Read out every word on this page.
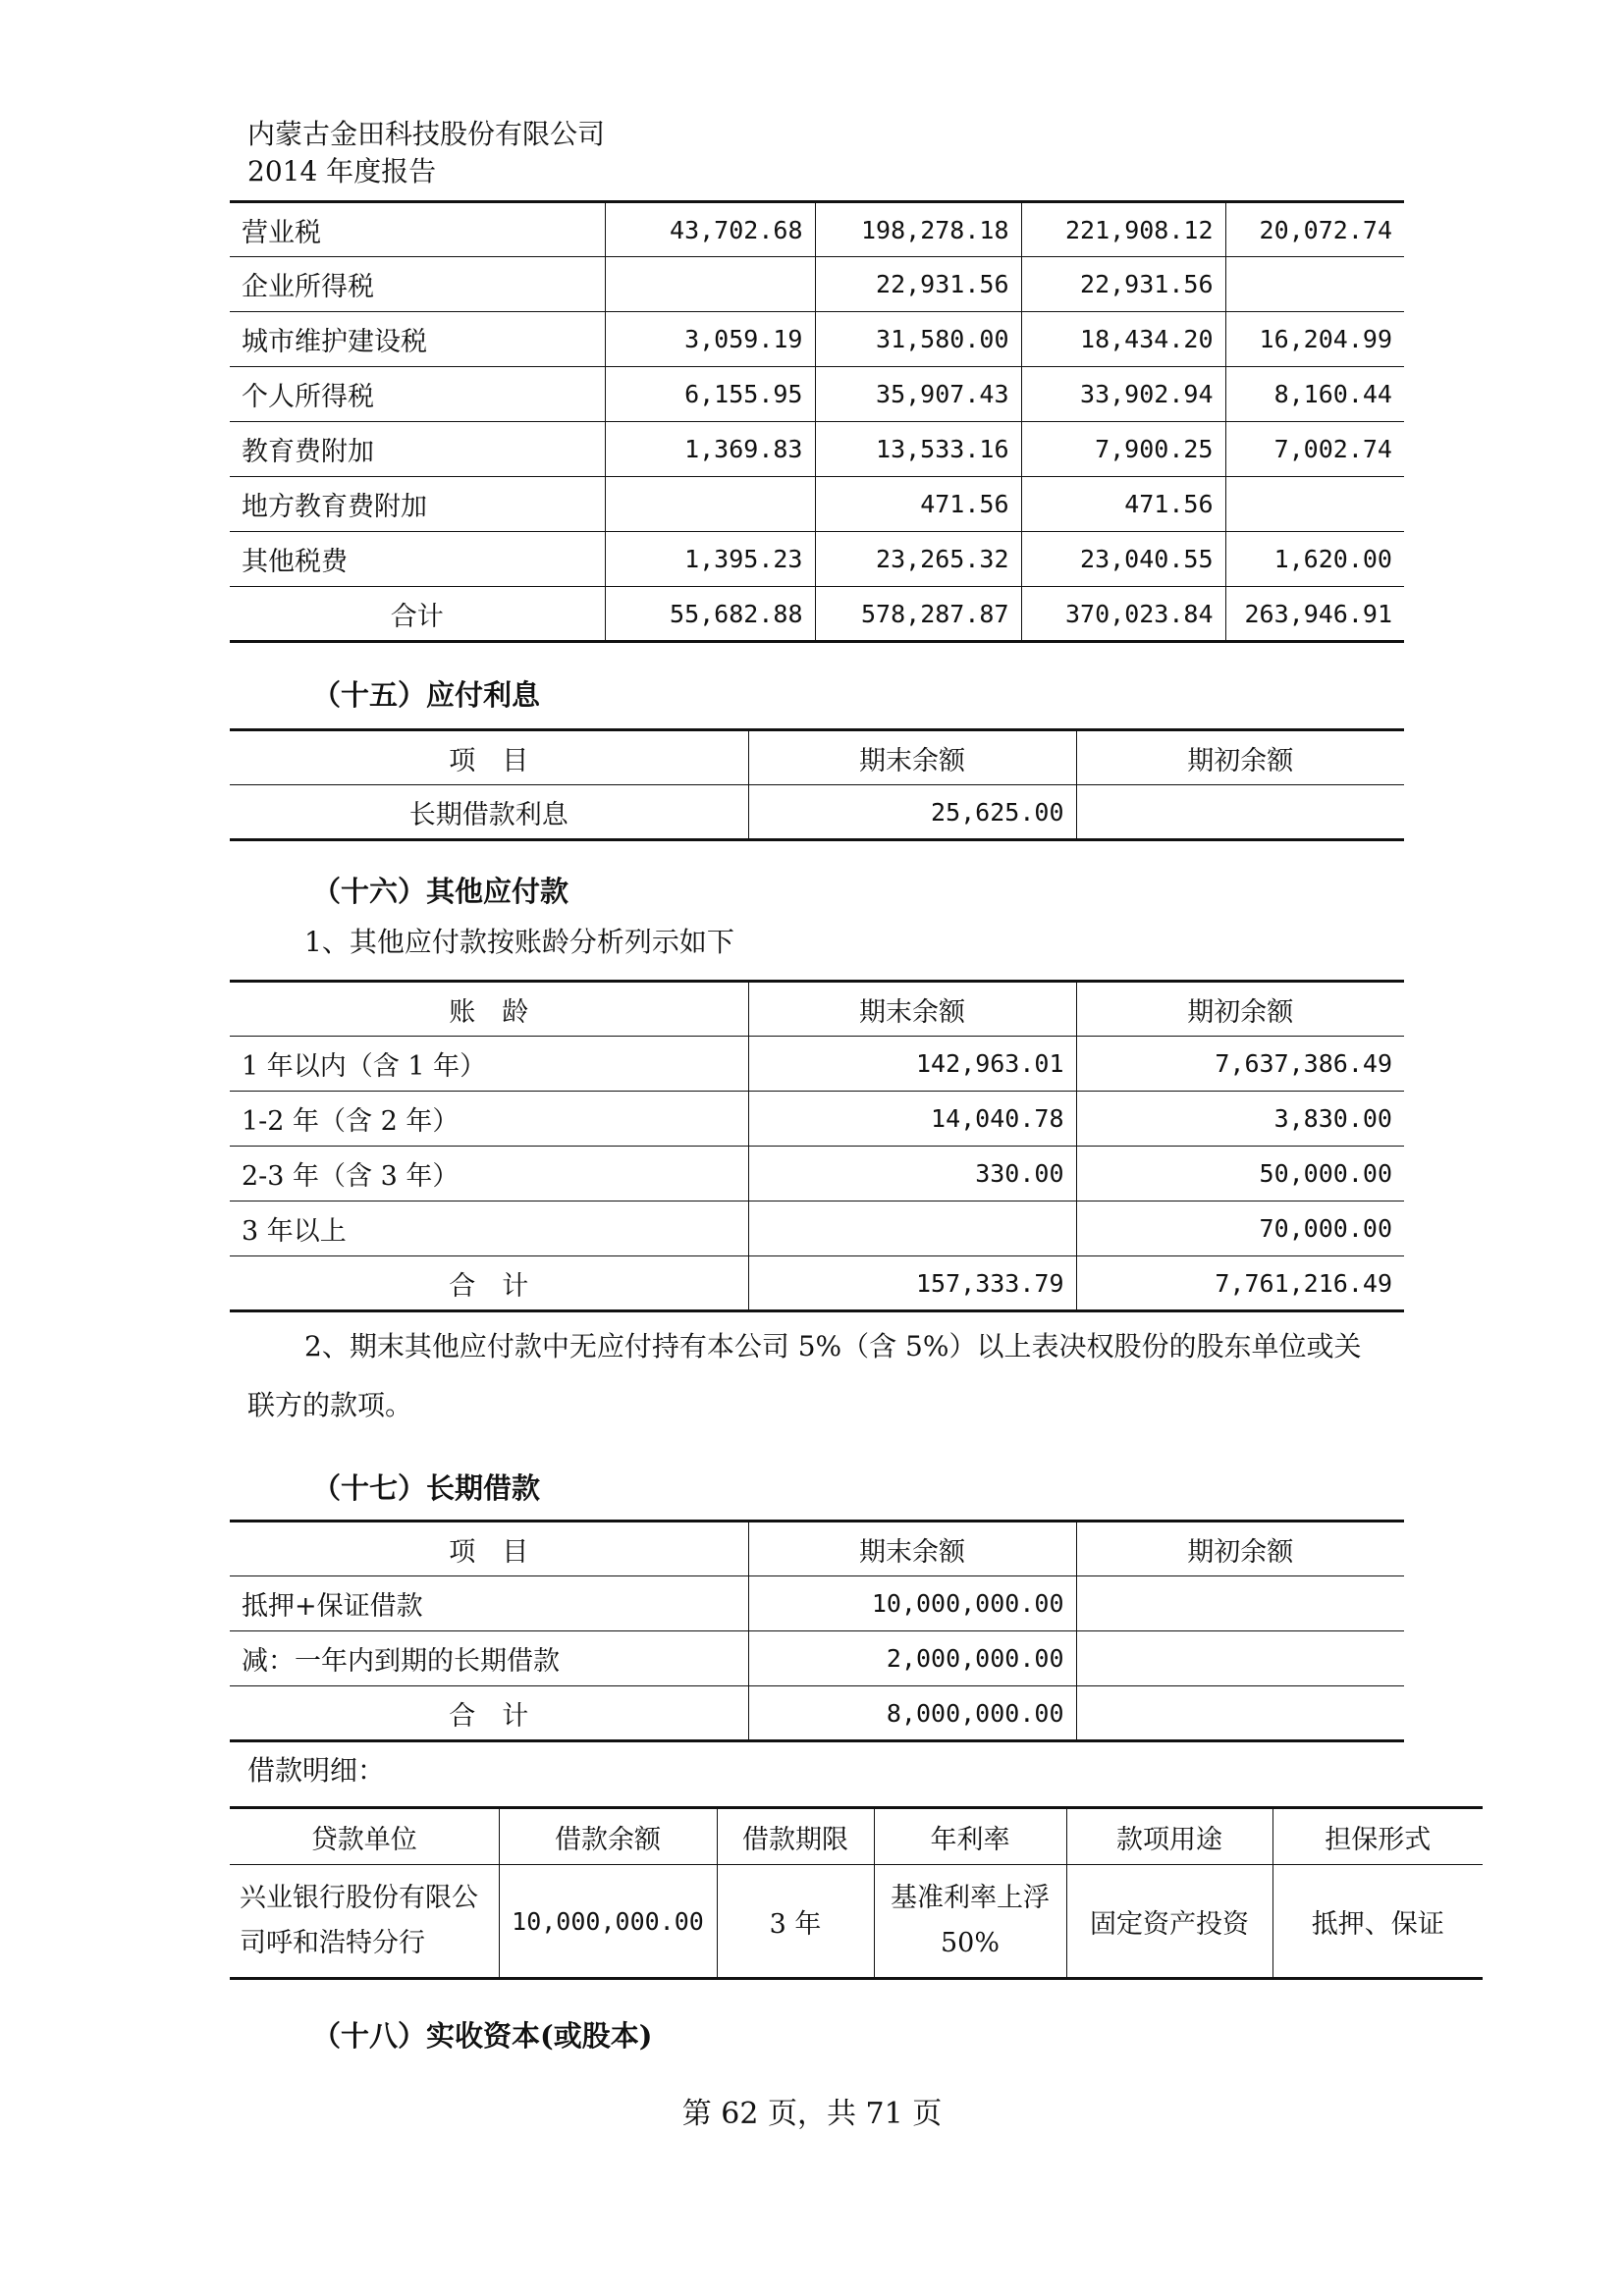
内蒙古金田科技股份有限公司
2014 年度报告
营业税	43,702.68	198,278.18	221,908.12	20,072.74
企业所得税		22,931.56	22,931.56	
城市维护建设税	3,059.19	31,580.00	18,434.20	16,204.99
个人所得税	6,155.95	35,907.43	33,902.94	8,160.44
教育费附加	1,369.83	13,533.16	7,900.25	7,002.74
地方教育费附加		471.56	471.56	
其他税费	1,395.23	23,265.32	23,040.55	1,620.00
合计	55,682.88	578,287.87	370,023.84	263,946.91
（十五）应付利息
项　目	期末余额	期初余额
长期借款利息	25,625.00	
（十六）其他应付款
1、其他应付款按账龄分析列示如下
账　龄	期末余额	期初余额
1 年以内（含 1 年）	142,963.01	7,637,386.49
1-2 年（含 2 年）	14,040.78	3,830.00
2-3 年（含 3 年）	330.00	50,000.00
3 年以上		70,000.00
合　计	157,333.79	7,761,216.49
2、期末其他应付款中无应付持有本公司 5%（含 5%）以上表决权股份的股东单位或关
联方的款项。
（十七）长期借款
项　目	期末余额	期初余额
抵押+保证借款	10,000,000.00	
减：一年内到期的长期借款	2,000,000.00	
合　计	8,000,000.00	
借款明细：
贷款单位	借款余额	借款期限	年利率	款项用途	担保形式
兴业银行股份有限公司呼和浩特分行	10,000,000.00	3 年	基准利率上浮 50%	固定资产投资	抵押、保证
（十八）实收资本(或股本)
第 62 页，共 71 页
